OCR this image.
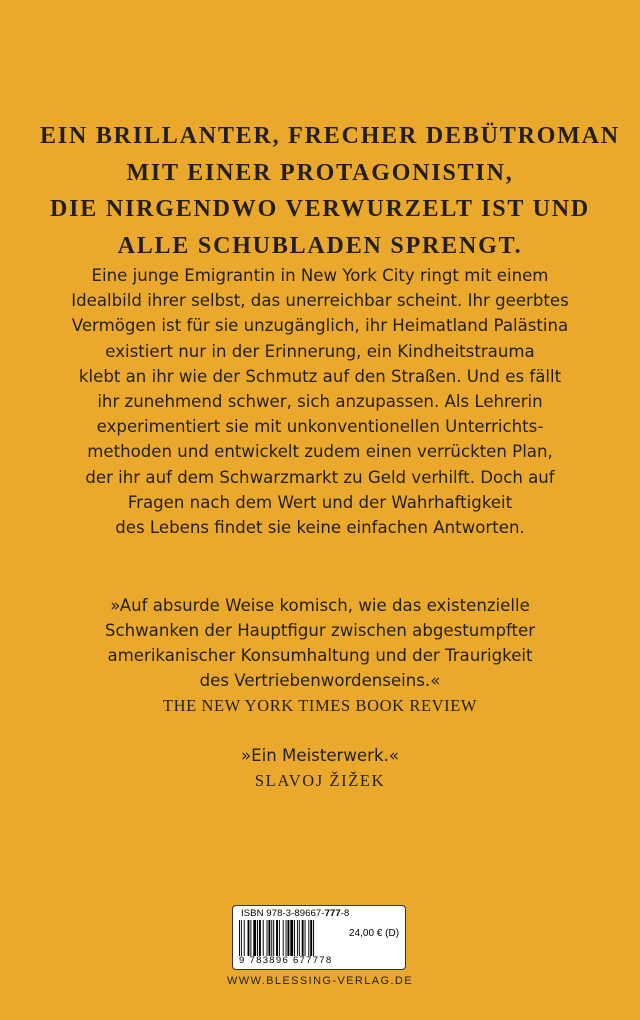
EIN BRILLANTER, FRECHER DEBÜTROMAN
MIT EINER PROTAGONISTIN,
DIE NIRGENDWO VERWURZELT IST UND
ALLE SCHUBLADEN SPRENGT.
Eine junge Emigrantin in New York City ringt mit einem
Idealbild ihrer selbst, das unerreichbar scheint. Ihr geerbtes
Vermögen ist für sie unzugänglich, ihr Heimatland Palästina
existiert nur in der Erinnerung, ein Kindheitstrauma
klebt an ihr wie der Schmutz auf den Straßen. Und es fällt
ihr zunehmend schwer, sich anzupassen. Als Lehrerin
experimentiert sie mit unkonventionellen Unterrichts-
methoden und entwickelt zudem einen verrückten Plan,
der ihr auf dem Schwarzmarkt zu Geld verhilft. Doch auf
Fragen nach dem Wert und der Wahrhaftigkeit
des Lebens findet sie keine einfachen Antworten.
»Auf absurde Weise komisch, wie das existenzielle
Schwanken der Hauptfigur zwischen abgestumpfter
amerikanischer Konsumhaltung und der Traurigkeit
des Vertriebenwordenseins.«
THE NEW YORK TIMES BOOK REVIEW
»Ein Meisterwerk.«
SLAVOJ ŽIŽEK
ISBN 978-3-89667-777-8
9 783896 677778
24,00 € (D)
WWW.BLESSING-VERLAG.DE
